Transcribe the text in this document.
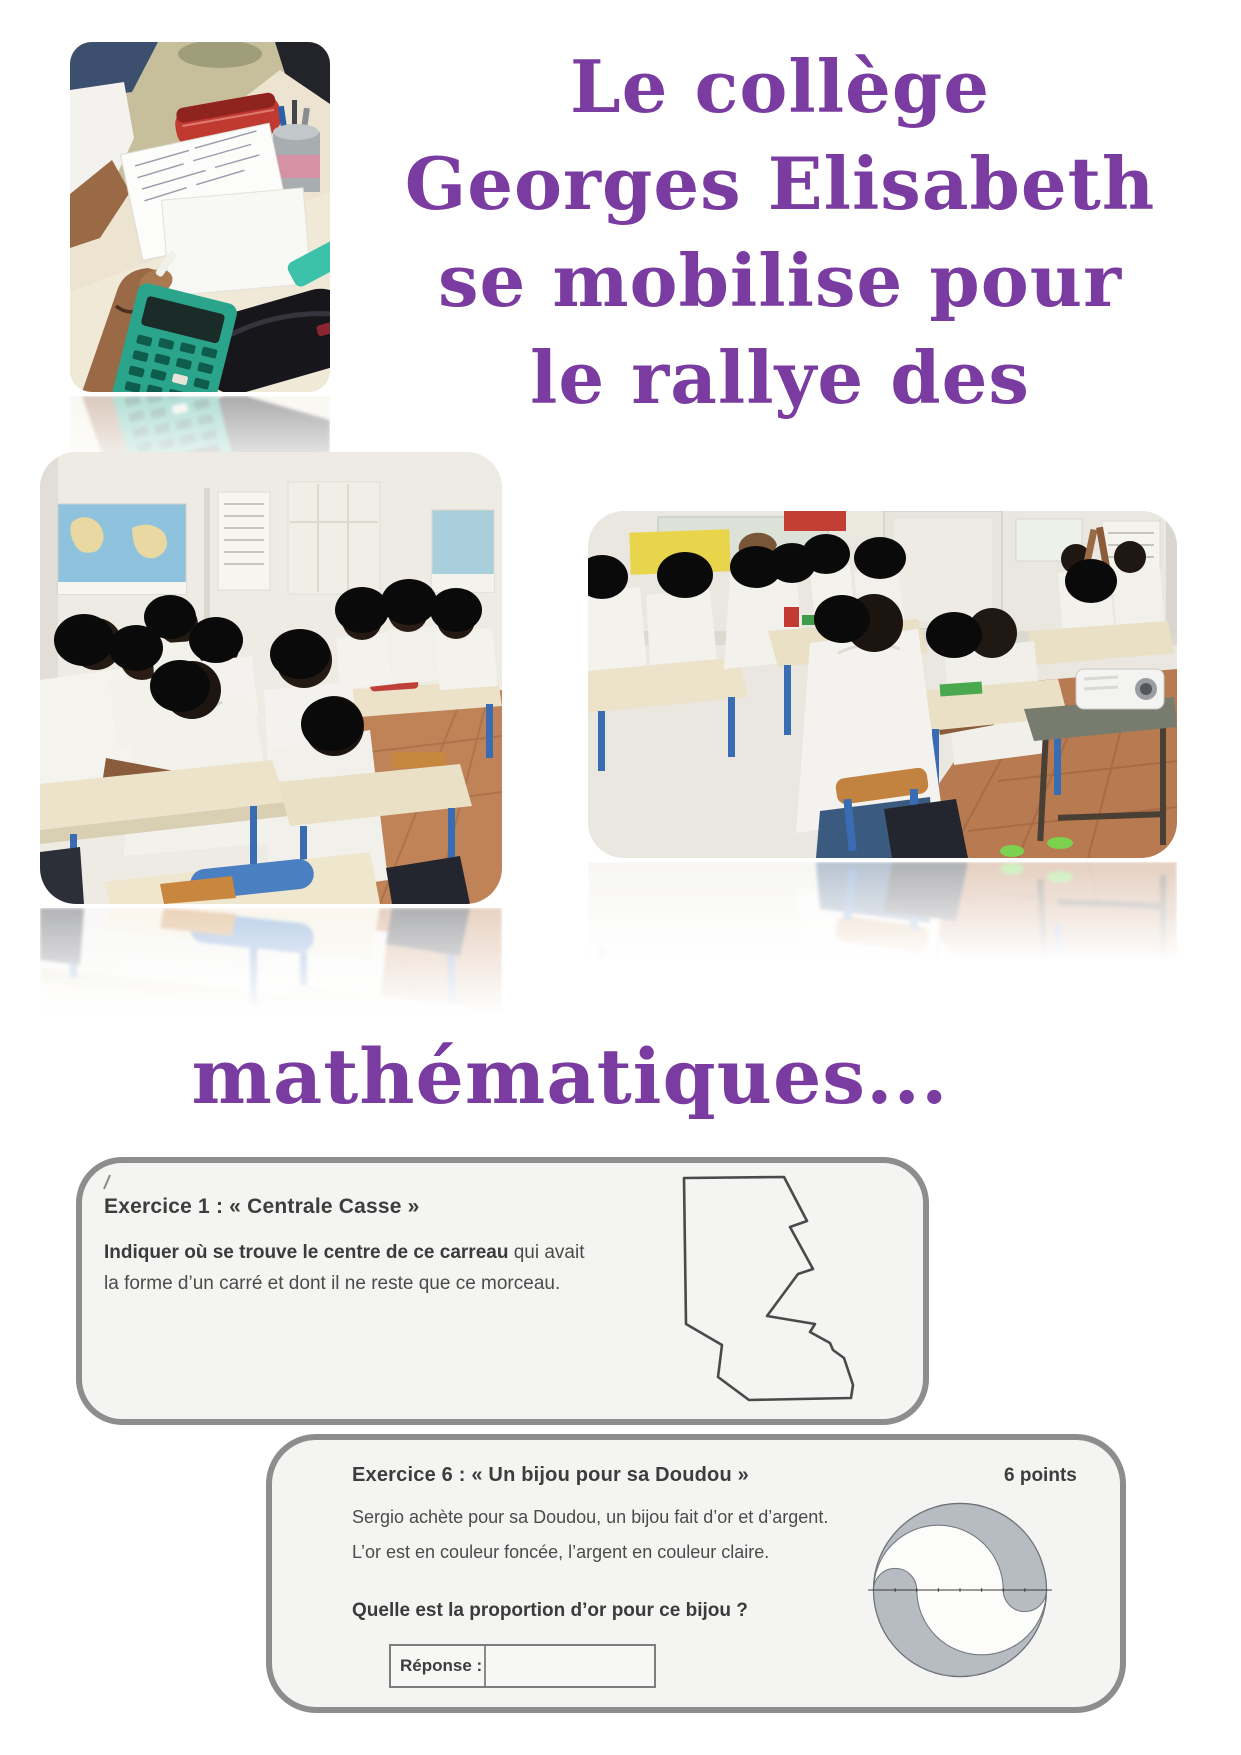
Le collège
Georges Elisabeth
se mobilise pour
le rallye des
mathématiques...
Exercice 1 : « Centrale Casse »
Indiquer où se trouve le centre de ce carreau qui avait
la forme d’un carré et dont il ne reste que ce morceau.
Exercice 6 : « Un bijou pour sa Doudou »	6 points
Sergio achète pour sa Doudou, un bijou fait d’or et d’argent.
L’or est en couleur foncée, l’argent en couleur claire.
Quelle est la proportion d’or pour ce bijou ?
Réponse :
